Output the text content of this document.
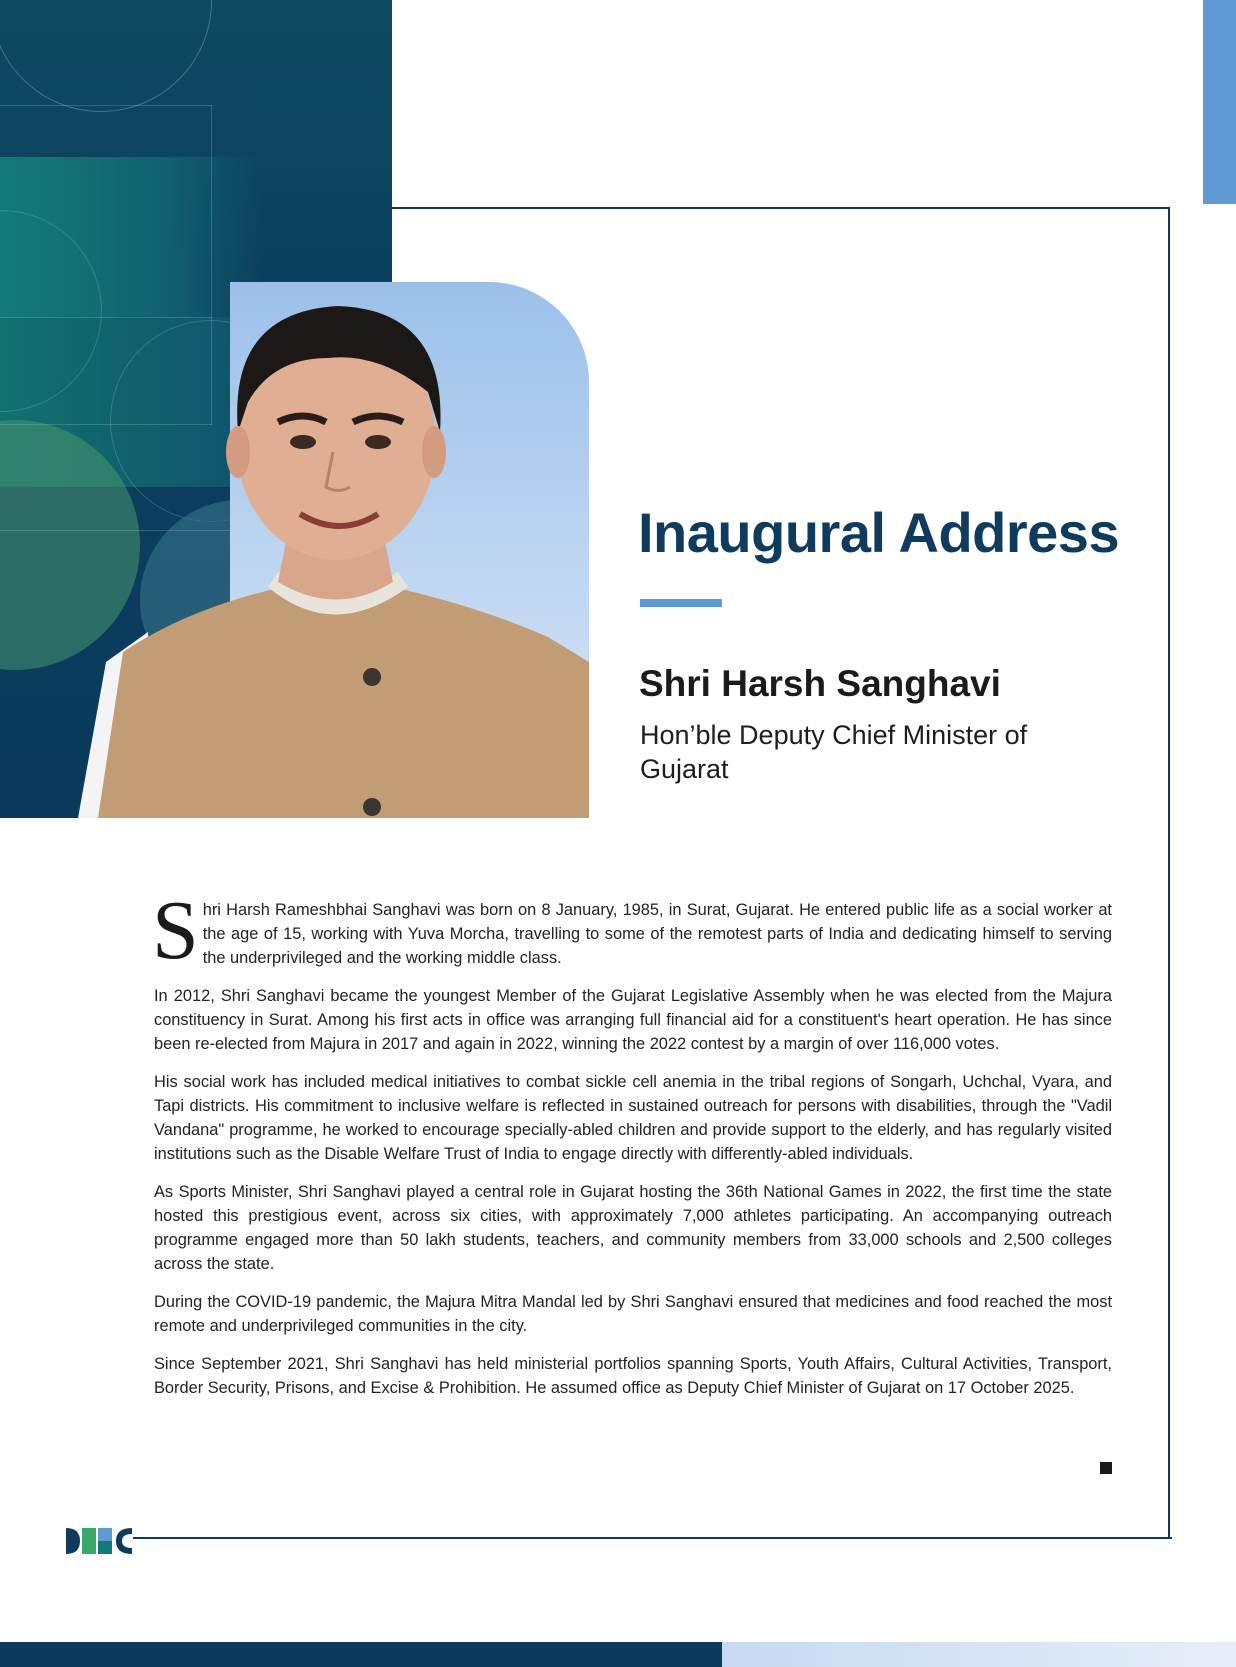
Inaugural Address
Shri Harsh Sanghavi

Hon’ble Deputy Chief Minister of Gujarat

Shri Harsh Rameshbhai Sanghavi was born on 8 January, 1985, in Surat, Gujarat. He entered public life as a social worker at the age of 15, working with Yuva Morcha, travelling to some of the remotest parts of India and dedicating himself to serving the underprivileged and the working middle class.

In 2012, Shri Sanghavi became the youngest Member of the Gujarat Legislative Assembly when he was elected from the Majura constituency in Surat. Among his first acts in office was arranging full financial aid for a constituent's heart operation. He has since been re-elected from Majura in 2017 and again in 2022, winning the 2022 contest by a margin of over 116,000 votes.

His social work has included medical initiatives to combat sickle cell anemia in the tribal regions of Songarh, Uchchal, Vyara, and Tapi districts. His commitment to inclusive welfare is reflected in sustained outreach for persons with disabilities, through the "Vadil Vandana" programme, he worked to encourage specially-abled children and provide support to the elderly, and has regularly visited institutions such as the Disable Welfare Trust of India to engage directly with differently-abled individuals.

As Sports Minister, Shri Sanghavi played a central role in Gujarat hosting the 36th National Games in 2022, the first time the state hosted this prestigious event, across six cities, with approximately 7,000 athletes participating. An accompanying outreach programme engaged more than 50 lakh students, teachers, and community members from 33,000 schools and 2,500 colleges across the state.

During the COVID-19 pandemic, the Majura Mitra Mandal led by Shri Sanghavi ensured that medicines and food reached the most remote and underprivileged communities in the city.

Since September 2021, Shri Sanghavi has held ministerial portfolios spanning Sports, Youth Affairs, Cultural Activities, Transport, Border Security, Prisons, and Excise & Prohibition. He assumed office as Deputy Chief Minister of Gujarat on 17 October 2025.
